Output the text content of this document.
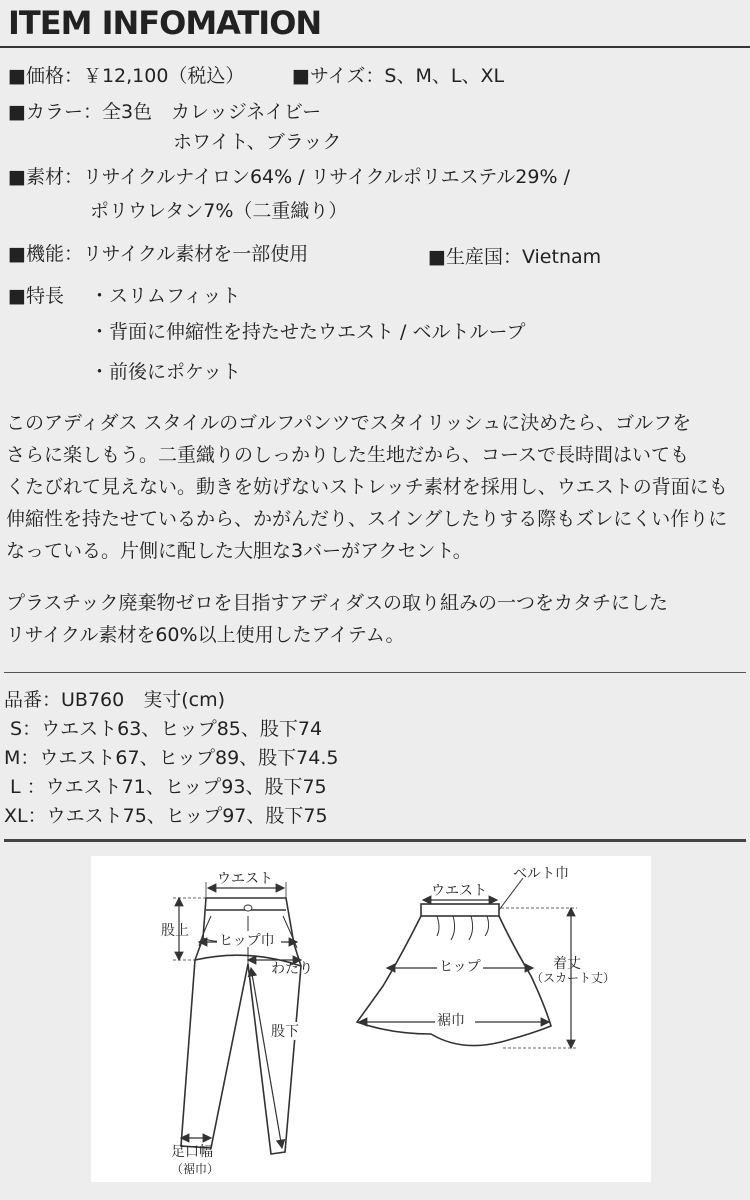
ITEM INFOMATION
■価格：￥12,100（税込）	■サイズ：S、M、L、XL
■カラー：全3色　カレッジネイビー
ホワイト、ブラック
■素材：リサイクルナイロン64% / リサイクルポリエステル29% /
ポリウレタン7%（二重織り）
■機能：リサイクル素材を一部使用	■生産国：Vietnam
■特長 ・スリムフィット
・背面に伸縮性を持たせたウエスト / ベルトループ
・前後にポケット

このアディダス スタイルのゴルフパンツでスタイリッシュに決めたら、ゴルフを

さらに楽しもう。二重織りのしっかりした生地だから、コースで長時間はいても

くたびれて見えない。動きを妨げないストレッチ素材を採用し、ウエストの背面にも

伸縮性を持たせているから、かがんだり、スイングしたりする際もズレにくい作りに

なっている。片側に配した大胆な3バーがアクセント。

プラスチック廃棄物ゼロを目指すアディダスの取り組みの一つをカタチにした

リサイクル素材を60%以上使用したアイテム。

品番：UB760　実寸(cm)
S：ウエスト63、ヒップ85、股下74
M：ウエスト67、ヒップ89、股下74.5
L ：ウエスト71、ヒップ93、股下75
XL：ウエスト75、ヒップ97、股下75
ウエスト
股上
ヒップ巾
わたり
股下
足口幅
（裾巾）
ウエスト
ベルト巾
ヒップ
裾巾
着丈
（スカート丈）
